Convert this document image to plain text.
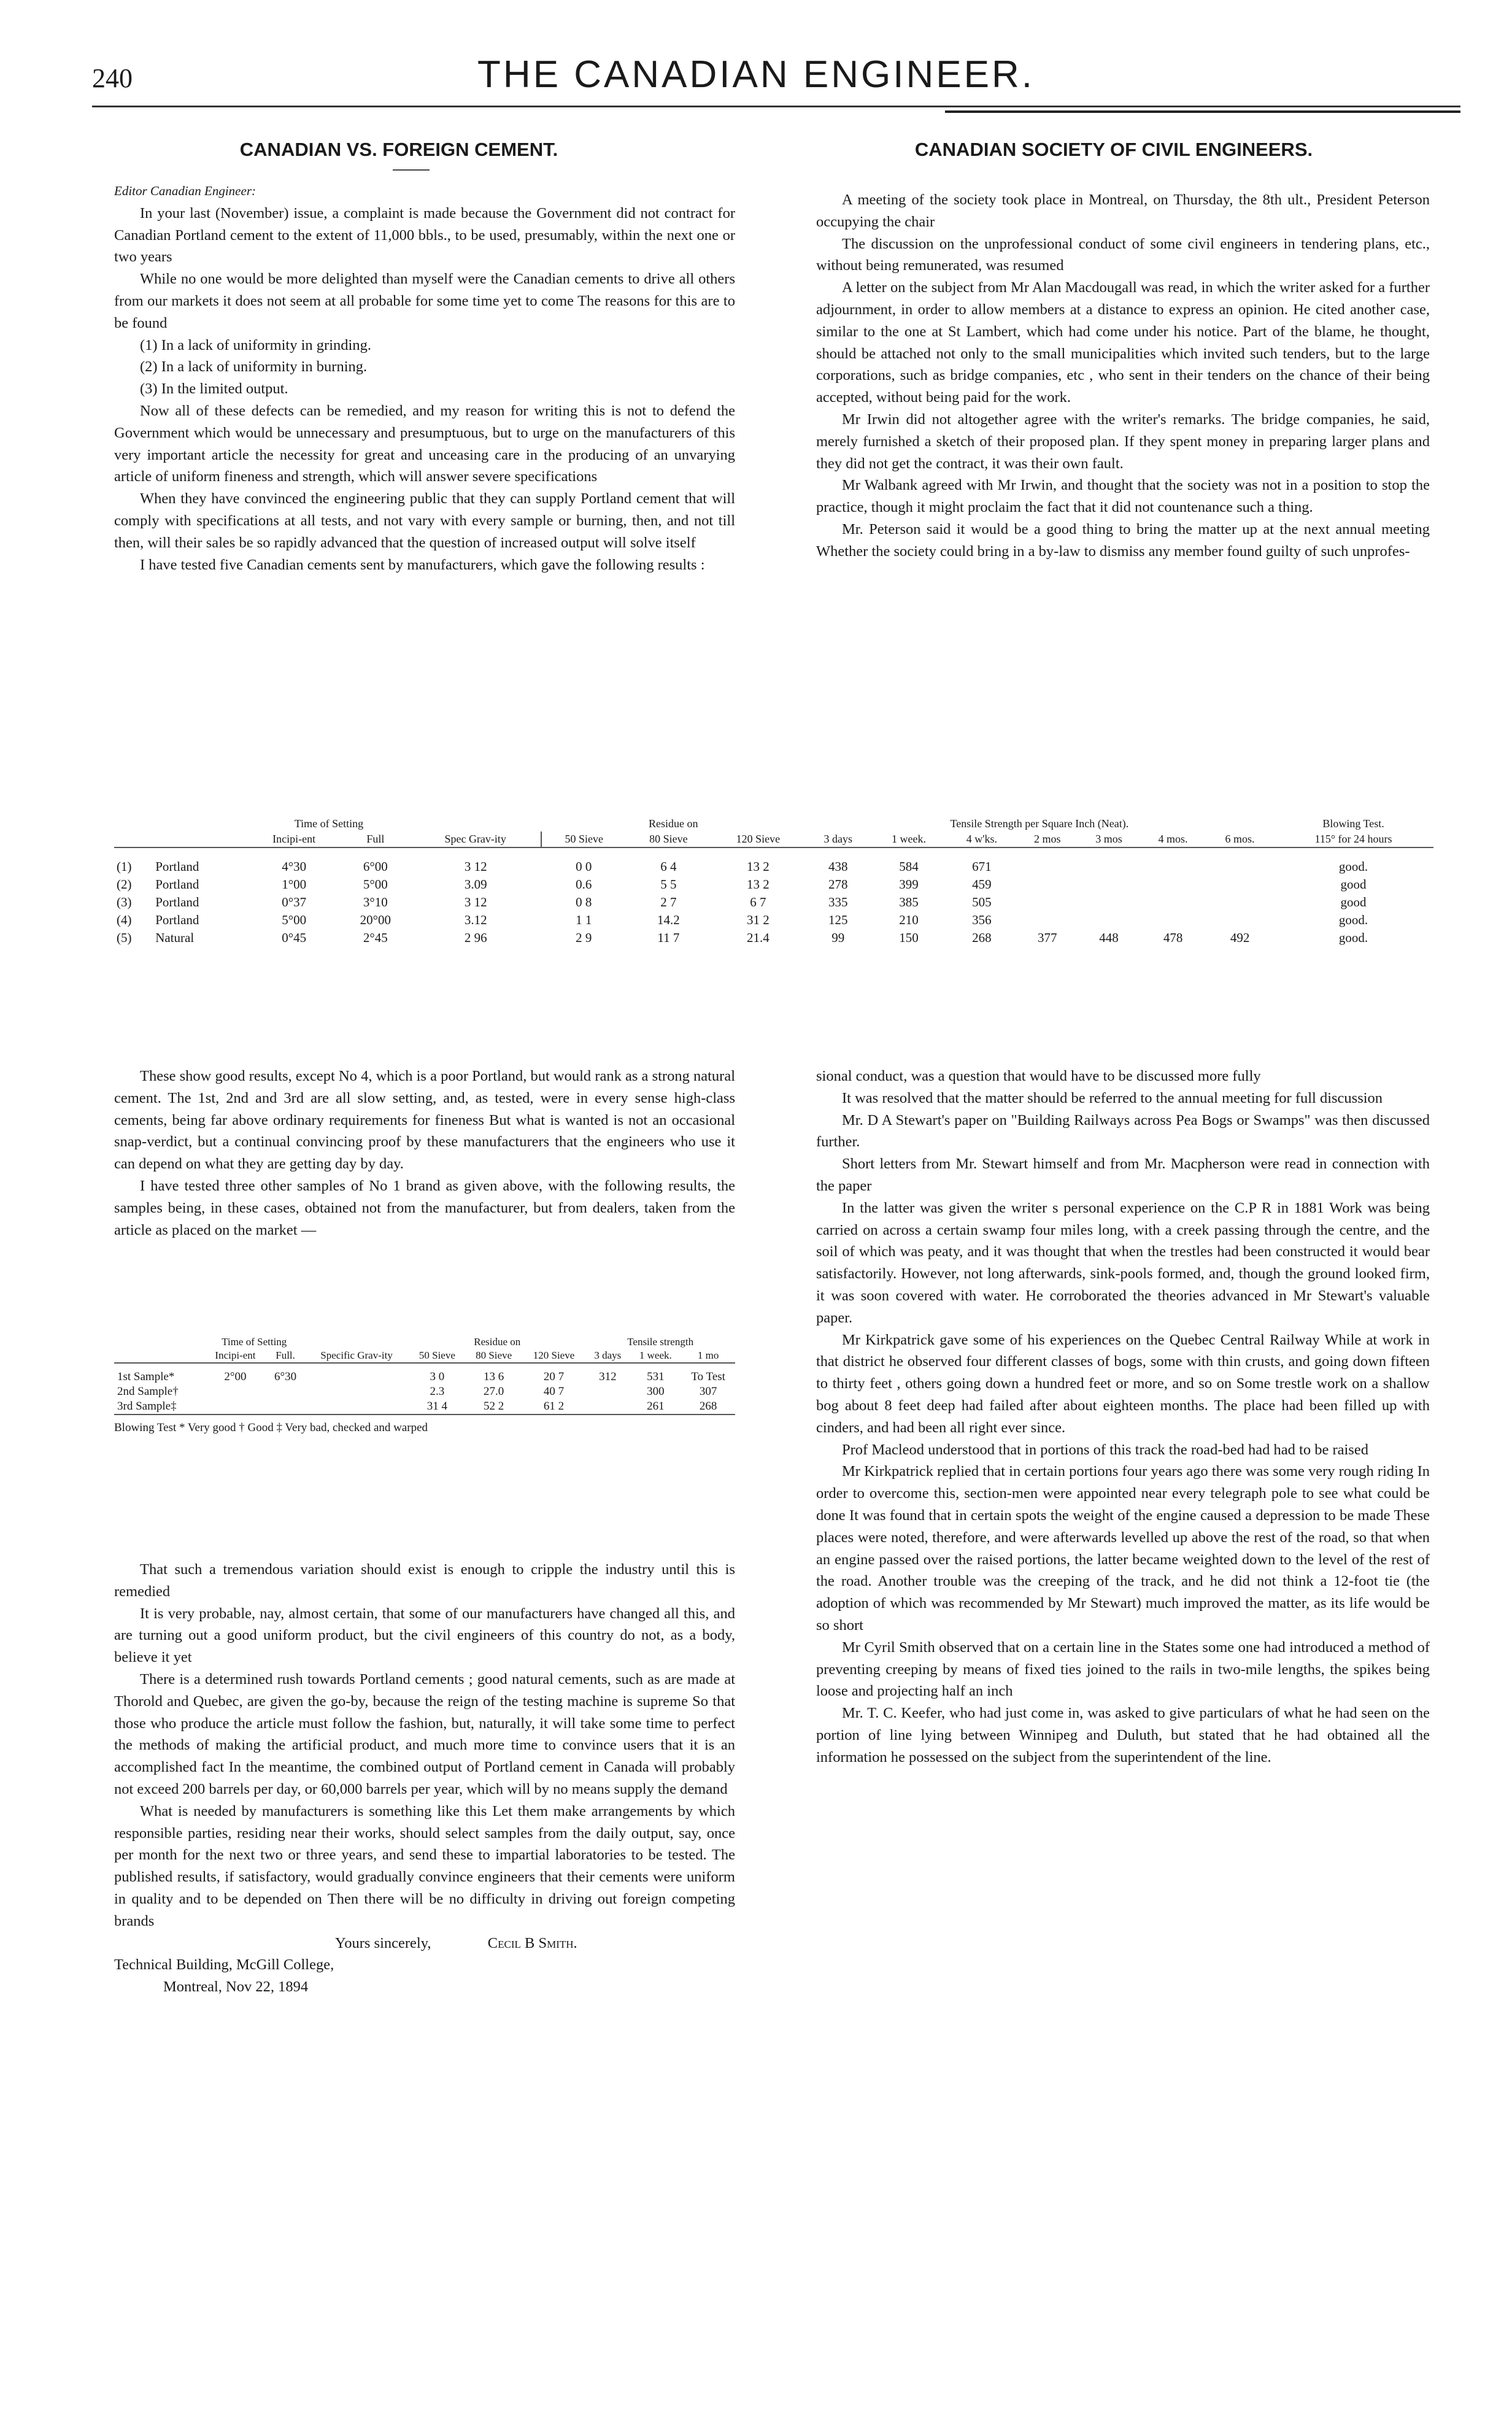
240	THE CANADIAN ENGINEER.
CANADIAN VS. FOREIGN CEMENT.

Editor Canadian Engineer:

In your last (November) issue, a complaint is made because the Government did not contract for Canadian Portland cement to the extent of 11,000 bbls., to be used, presumably, within the next one or two years

While no one would be more delighted than myself were the Canadian cements to drive all others from our markets it does not seem at all probable for some time yet to come The reasons for this are to be found

(1) In a lack of uniformity in grinding.

(2) In a lack of uniformity in burning.

(3) In the limited output.

Now all of these defects can be remedied, and my reason for writing this is not to defend the Government which would be unnecessary and presumptuous, but to urge on the manufacturers of this very important article the necessity for great and unceasing care in the producing of an unvarying article of uniform fineness and strength, which will answer severe specifications

When they have convinced the engineering public that they can supply Portland cement that will comply with specifications at all tests, and not vary with every sample or burning, then, and not till then, will their sales be so rapidly advanced that the question of increased output will solve itself

I have tested five Canadian cements sent by manufacturers, which gave the following results :

CANADIAN SOCIETY OF CIVIL ENGINEERS.

A meeting of the society took place in Montreal, on Thursday, the 8th ult., President Peterson occupying the chair

The discussion on the unprofessional conduct of some civil engineers in tendering plans, etc., without being remunerated, was resumed

A letter on the subject from Mr Alan Macdougall was read, in which the writer asked for a further adjournment, in order to allow members at a distance to express an opinion. He cited another case, similar to the one at St Lambert, which had come under his notice. Part of the blame, he thought, should be attached not only to the small municipalities which invited such tenders, but to the large corporations, such as bridge companies, etc , who sent in their tenders on the chance of their being accepted, without being paid for the work.

Mr Irwin did not altogether agree with the writer's remarks. The bridge companies, he said, merely furnished a sketch of their proposed plan. If they spent money in preparing larger plans and they did not get the contract, it was their own fault.

Mr Walbank agreed with Mr Irwin, and thought that the society was not in a position to stop the practice, though it might proclaim the fact that it did not countenance such a thing.

Mr. Peterson said it would be a good thing to bring the matter up at the next annual meeting Whether the society could bring in a by-law to dismiss any member found guilty of such unprofes-

		Time of Setting		Spec Grav-ity	Residue on			Tensile Strength per Square Inch (Neat).							Blowing Test.
		Incipi-ent	Full		50 Sieve	80 Sieve	120 Sieve	3 days	1 week.	4 w'ks.	2 mos	3 mos	4 mos.	6 mos.	115° for 24 hours

(1)	Portland	4°30	6°00	3 12	0 0	6 4	13 2	438	584	671					good.
(2)	Portland	1°00	5°00	3.09	0.6	5 5	13 2	278	399	459					good
(3)	Portland	0°37	3°10	3 12	0 8	2 7	6 7	335	385	505					good
(4)	Portland	5°00	20°00	3.12	1 1	14.2	31 2	125	210	356					good.
(5)	Natural	0°45	2°45	2 96	2 9	11 7	21.4	99	150	268	377	448	478	492	good.

These show good results, except No 4, which is a poor Portland, but would rank as a strong natural cement. The 1st, 2nd and 3rd are all slow setting, and, as tested, were in every sense high-class cements, being far above ordinary requirements for fineness But what is wanted is not an occasional snap-verdict, but a continual convincing proof by these manufacturers that the engineers who use it can depend on what they are getting day by day.

I have tested three other samples of No 1 brand as given above, with the following results, the samples being, in these cases, obtained not from the manufacturer, but from dealers, taken from the article as placed on the market —

	Time of Setting		Specific Grav-ity	Residue on			Tensile strength		
	Incipi-ent	Full.		50 Sieve	80 Sieve	120 Sieve	3 days	1 week.	1 mo

1st Sample*	2°00	6°30		3 0	13 6	20 7	312	531	To Test
2nd Sample†				2.3	27.0	40 7		300	307
3rd Sample‡				31 4	52 2	61 2		261	268

Blowing Test * Very good † Good ‡ Very bad, checked and warped

That such a tremendous variation should exist is enough to cripple the industry until this is remedied

It is very probable, nay, almost certain, that some of our manufacturers have changed all this, and are turning out a good uniform product, but the civil engineers of this country do not, as a body, believe it yet

There is a determined rush towards Portland cements ; good natural cements, such as are made at Thorold and Quebec, are given the go-by, because the reign of the testing machine is supreme So that those who produce the article must follow the fashion, but, naturally, it will take some time to perfect the methods of making the artificial product, and much more time to convince users that it is an accomplished fact In the meantime, the combined output of Portland cement in Canada will probably not exceed 200 barrels per day, or 60,000 barrels per year, which will by no means supply the demand

What is needed by manufacturers is something like this Let them make arrangements by which responsible parties, residing near their works, should select samples from the daily output, say, once per month for the next two or three years, and send these to impartial laboratories to be tested. The published results, if satisfactory, would gradually convince engineers that their cements were uniform in quality and to be depended on Then there will be no difficulty in driving out foreign competing brands

Yours sincerely,	Cecil B Smith.

Technical Building, McGill College,

Montreal, Nov 22, 1894

sional conduct, was a question that would have to be discussed more fully

It was resolved that the matter should be referred to the annual meeting for full discussion

Mr. D A Stewart's paper on "Building Railways across Pea Bogs or Swamps" was then discussed further.

Short letters from Mr. Stewart himself and from Mr. Macpherson were read in connection with the paper

In the latter was given the writer s personal experience on the C.P R in 1881 Work was being carried on across a certain swamp four miles long, with a creek passing through the centre, and the soil of which was peaty, and it was thought that when the trestles had been constructed it would bear satisfactorily. However, not long afterwards, sink-pools formed, and, though the ground looked firm, it was soon covered with water. He corroborated the theories advanced in Mr Stewart's valuable paper.

Mr Kirkpatrick gave some of his experiences on the Quebec Central Railway While at work in that district he observed four different classes of bogs, some with thin crusts, and going down fifteen to thirty feet , others going down a hundred feet or more, and so on Some trestle work on a shallow bog about 8 feet deep had failed after about eighteen months. The place had been filled up with cinders, and had been all right ever since.

Prof Macleod understood that in portions of this track the road-bed had had to be raised

Mr Kirkpatrick replied that in certain portions four years ago there was some very rough riding In order to overcome this, section-men were appointed near every telegraph pole to see what could be done It was found that in certain spots the weight of the engine caused a depression to be made These places were noted, therefore, and were afterwards levelled up above the rest of the road, so that when an engine passed over the raised portions, the latter became weighted down to the level of the rest of the road. Another trouble was the creeping of the track, and he did not think a 12-foot tie (the adoption of which was recommended by Mr Stewart) much improved the matter, as its life would be so short

Mr Cyril Smith observed that on a certain line in the States some one had introduced a method of preventing creeping by means of fixed ties joined to the rails in two-mile lengths, the spikes being loose and projecting half an inch

Mr. T. C. Keefer, who had just come in, was asked to give particulars of what he had seen on the portion of line lying between Winnipeg and Duluth, but stated that he had obtained all the information he possessed on the subject from the superintendent of the line.
